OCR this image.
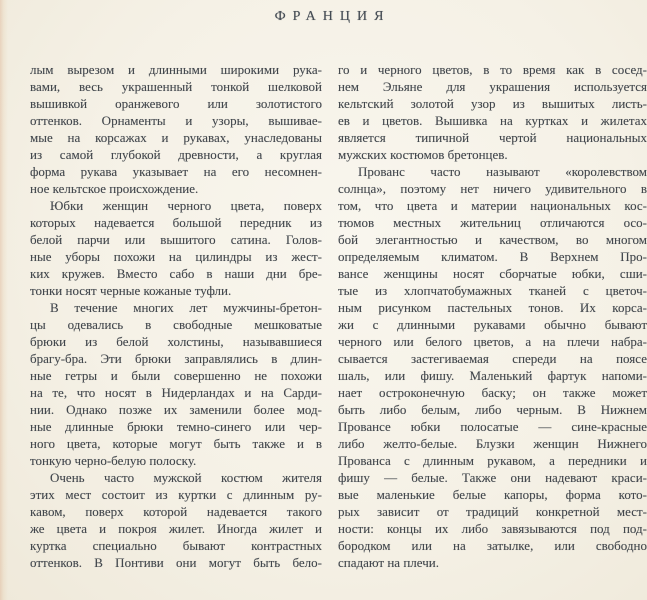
ФРАНЦИЯ
лым вырезом и длинными широкими рука-
вами, весь украшенный тонкой шелковой
вышивкой оранжевого или золотистого
оттенков. Орнаменты и узоры, вышивае-
мые на корсажах и рукавах, унаследованы
из самой глубокой древности, а круглая
форма рукава указывает на его несомнен-
ное кельтское происхождение.
Юбки женщин черного цвета, поверх
которых надевается большой передник из
белой парчи или вышитого сатина. Голов-
ные уборы похожи на цилиндры из жест-
ких кружев. Вместо сабо в наши дни бре-
тонки носят черные кожаные туфли.
В течение многих лет мужчины-бретон-
цы одевались в свободные мешковатые
брюки из белой холстины, называвшиеся
брагу-бра. Эти брюки заправлялись в длин-
ные гетры и были совершенно не похожи
на те, что носят в Нидерландах и на Сарди-
нии. Однако позже их заменили более мод-
ные длинные брюки темно-синего или чер-
ного цвета, которые могут быть также и в
тонкую черно-белую полоску.
Очень часто мужской костюм жителя
этих мест состоит из куртки с длинным ру-
кавом, поверх которой надевается такого
же цвета и покроя жилет. Иногда жилет и
куртка специально бывают контрастных
оттенков. В Понтиви они могут быть бело-
го и черного цветов, в то время как в сосед-
нем Эльяне для украшения используется
кельтский золотой узор из вышитых листь-
ев и цветов. Вышивка на куртках и жилетах
является типичной чертой национальных
мужских костюмов бретонцев.
Прованс часто называют «королевством
солнца», поэтому нет ничего удивительного в
том, что цвета и материи национальных кос-
тюмов местных жительниц отличаются осо-
бой элегантностью и качеством, во многом
определяемым климатом. В Верхнем Про-
вансе женщины носят сборчатые юбки, сши-
тые из хлопчатобумажных тканей с цветоч-
ным рисунком пастельных тонов. Их корса-
жи с длинными рукавами обычно бывают
черного или белого цветов, а на плечи набра-
сывается застегиваемая спереди на поясе
шаль, или фишу. Маленький фартук напоми-
нает остроконечную баску; он также может
быть либо белым, либо черным. В Нижнем
Провансе юбки полосатые — сине-красные
либо желто-белые. Блузки женщин Нижнего
Прованса с длинным рукавом, а передники и
фишу — белые. Также они надевают краси-
вые маленькие белые капоры, форма кото-
рых зависит от традиций конкретной мест-
ности: концы их либо завязываются под под-
бородком или на затылке, или свободно
спадают на плечи.
